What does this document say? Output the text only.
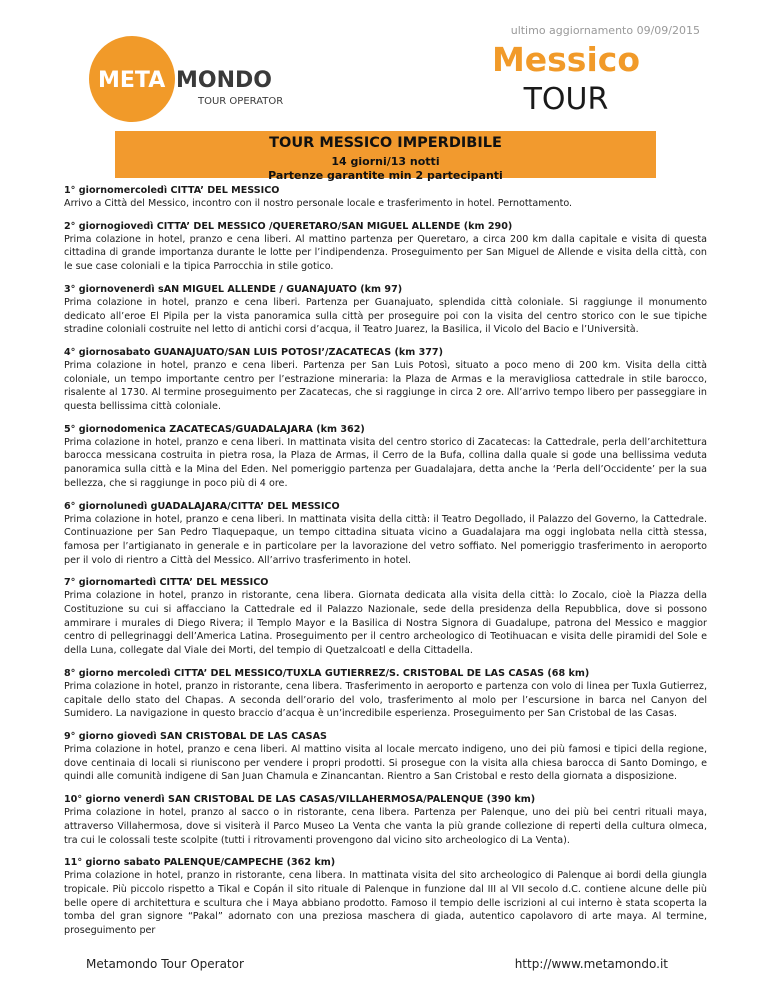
ultimo aggiornamento 09/09/2015
META MONDO
TOUR OPERATOR
Messico
TOUR
TOUR MESSICO IMPERDIBILE
14 giorni/13 notti
Partenze garantite min 2 partecipanti
1° giornomercoledì CITTA’ DEL MESSICO

Arrivo a Città del Messico, incontro con il nostro personale locale e trasferimento in hotel. Pernottamento.

2° giornogiovedì CITTA’ DEL MESSICO /QUERETARO/SAN MIGUEL ALLENDE (km 290)

Prima colazione in hotel, pranzo e cena liberi. Al mattino partenza per Queretaro, a circa 200 km dalla capitale e visita di questa cittadina di grande importanza durante le lotte per l’indipendenza. Proseguimento per San Miguel de Allende e visita della città, con le sue case coloniali e la tipica Parrocchia in stile gotico.

3° giornovenerdì sAN MIGUEL ALLENDE / GUANAJUATO (km 97)

Prima colazione in hotel, pranzo e cena liberi. Partenza per Guanajuato, splendida città coloniale. Si raggiunge il monumento dedicato all’eroe El Pipila per la vista panoramica sulla città per proseguire poi con la visita del centro storico con le sue tipiche stradine coloniali costruite nel letto di antichi corsi d’acqua, il Teatro Juarez, la Basilica, il Vicolo del Bacio e l’Università.

4° giornosabato GUANAJUATO/SAN LUIS POTOSI’/ZACATECAS (km 377)

Prima colazione in hotel, pranzo e cena liberi. Partenza per San Luis Potosì, situato a poco meno di 200 km. Visita della città coloniale, un tempo importante centro per l’estrazione mineraria: la Plaza de Armas e la meravigliosa cattedrale in stile barocco, risalente al 1730. Al termine proseguimento per Zacatecas, che si raggiunge in circa 2 ore. All’arrivo tempo libero per passeggiare in questa bellissima città coloniale.

5° giornodomenica ZACATECAS/GUADALAJARA (km 362)

Prima colazione in hotel, pranzo e cena liberi. In mattinata visita del centro storico di Zacatecas: la Cattedrale, perla dell’architettura barocca messicana costruita in pietra rosa, la Plaza de Armas, il Cerro de la Bufa, collina dalla quale si gode una bellissima veduta panoramica sulla città e la Mina del Eden. Nel pomeriggio partenza per Guadalajara, detta anche la ‘Perla dell’Occidente’ per la sua bellezza, che si raggiunge in poco più di 4 ore.

6° giornolunedì gUADALAJARA/CITTA’ DEL MESSICO

Prima colazione in hotel, pranzo e cena liberi. In mattinata visita della città: il Teatro Degollado, il Palazzo del Governo, la Cattedrale. Continuazione per San Pedro Tlaquepaque, un tempo cittadina situata vicino a Guadalajara ma oggi inglobata nella città stessa, famosa per l’artigianato in generale e in particolare per la lavorazione del vetro soffiato. Nel pomeriggio trasferimento in aeroporto per il volo di rientro a Città del Messico. All’arrivo trasferimento in hotel.

7° giornomartedì CITTA’ DEL MESSICO

Prima colazione in hotel, pranzo in ristorante, cena libera. Giornata dedicata alla visita della città: lo Zocalo, cioè la Piazza della Costituzione su cui si affacciano la Cattedrale ed il Palazzo Nazionale, sede della presidenza della Repubblica, dove si possono ammirare i murales di Diego Rivera; il Templo Mayor e la Basilica di Nostra Signora di Guadalupe, patrona del Messico e maggior centro di pellegrinaggi dell’America Latina. Proseguimento per il centro archeologico di Teotihuacan e visita delle piramidi del Sole e della Luna, collegate dal Viale dei Morti, del tempio di Quetzalcoatl e della Cittadella.

8° giorno mercoledì CITTA’ DEL MESSICO/TUXLA GUTIERREZ/S. CRISTOBAL DE LAS CASAS (68 km)

Prima colazione in hotel, pranzo in ristorante, cena libera. Trasferimento in aeroporto e partenza con volo di linea per Tuxla Gutierrez, capitale dello stato del Chapas. A seconda dell’orario del volo, trasferimento al molo per l’escursione in barca nel Canyon del Sumidero. La navigazione in questo braccio d’acqua è un’incredibile esperienza. Proseguimento per San Cristobal de las Casas.

9° giorno giovedì SAN CRISTOBAL DE LAS CASAS

Prima colazione in hotel, pranzo e cena liberi. Al mattino visita al locale mercato indigeno, uno dei più famosi e tipici della regione, dove centinaia di locali si riuniscono per vendere i propri prodotti. Si prosegue con la visita alla chiesa barocca di Santo Domingo, e quindi alle comunità indigene di San Juan Chamula e Zinancantan. Rientro a San Cristobal e resto della giornata a disposizione.

10° giorno venerdì SAN CRISTOBAL DE LAS CASAS/VILLAHERMOSA/PALENQUE (390 km)

Prima colazione in hotel, pranzo al sacco o in ristorante, cena libera. Partenza per Palenque, uno dei più bei centri rituali maya, attraverso Villahermosa, dove si visiterà il Parco Museo La Venta che vanta la più grande collezione di reperti della cultura olmeca, tra cui le colossali teste scolpite (tutti i ritrovamenti provengono dal vicino sito archeologico di La Venta).

11° giorno sabato PALENQUE/CAMPECHE (362 km)

Prima colazione in hotel, pranzo in ristorante, cena libera. In mattinata visita del sito archeologico di Palenque ai bordi della giungla tropicale. Più piccolo rispetto a Tikal e Copán il sito rituale di Palenque in funzione dal III al VII secolo d.C. contiene alcune delle più belle opere di architettura e scultura che i Maya abbiano prodotto. Famoso il tempio delle iscrizioni al cui interno è stata scoperta la tomba del gran signore “Pakal” adornato con una preziosa maschera di giada, autentico capolavoro di arte maya. Al termine, proseguimento per

Metamondo Tour Operator	http://www.metamondo.it
